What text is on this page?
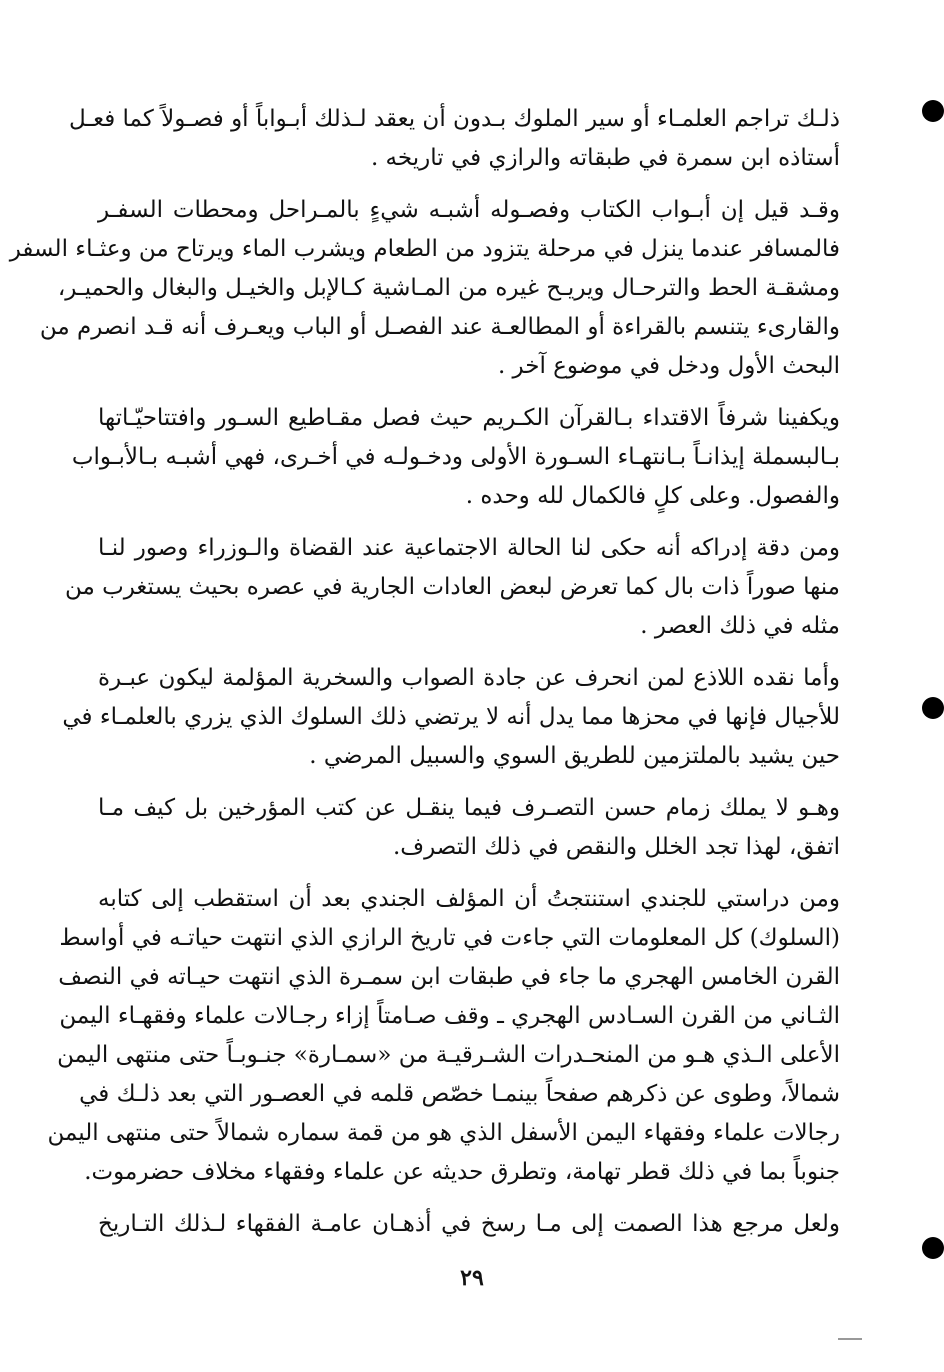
ذلـك تراجم العلمـاء أو سير الملوك بـدون أن يعقد لـذلك أبـواباً أو فصـولاً كما فعـل
أستاذه ابن سمرة في طبقاته والرازي في تاريخه .
وقـد قيل إن أبـواب الكتاب وفصـوله أشبـه شيءٍ بالمـراحل ومحطات السفـر
فالمسافر عندما ينزل في مرحلة يتزود من الطعام ويشرب الماء ويرتاح من وعثـاء السفر
ومشقـة الحط والترحـال ويريـح غيره من المـاشية كـالإبل والخيـل والبغال والحميـر،
والقارىء يتنسم بالقراءة أو المطالعـة عند الفصـل أو الباب ويعـرف أنه قـد انصرم من
البحث الأول ودخل في موضوع آخر .
ويكفينا شرفاً الاقتداء بـالقرآن الكـريم حيث فصل مقـاطيع السـور وافتتاحيّـاتها
بـالبسملة إيذانـاً بـانتهـاء السـورة الأولى ودخـولـه في أخـرى، فهي أشبـه بـالأبـواب
والفصول. وعلى كلٍ فالكمال لله وحده .
ومن دقة إدراكه أنه حكى لنا الحالة الاجتماعية عند القضاة والـوزراء وصور لنـا
منها صوراً ذات بال كما تعرض لبعض العادات الجارية في عصره بحيث يستغرب من
مثله في ذلك العصر .
وأما نقده اللاذع لمن انحرف عن جادة الصواب والسخرية المؤلمة ليكون عبـرة
للأجيال فإنها في محزها مما يدل أنه لا يرتضي ذلك السلوك الذي يزري بالعلمـاء في
حين يشيد بالملتزمين للطريق السوي والسبيل المرضي .
وهـو لا يملك زمام حسن التصـرف فيما ينقـل عن كتب المؤرخين بل كيف مـا
اتفق، لهذا تجد الخلل والنقص في ذلك التصرف.
ومن دراستي للجندي استنتجتُ أن المؤلف الجندي بعد أن استقطب إلى كتابه
(السلوك) كل المعلومات التي جاءت في تاريخ الرازي الذي انتهت حياتـه في أواسط
القرن الخامس الهجري ما جاء في طبقات ابن سمـرة الذي انتهت حيـاته في النصف
الثـاني من القرن السـادس الهجري ـ وقف صـامتاً إزاء رجـالات علماء وفقهـاء اليمن
الأعلى الـذي هـو من المنحـدرات الشـرقيـة من «سمـارة» جنـوبـاً حتى منتهى اليمن
شمالاً، وطوى عن ذكرهم صفحاً بينمـا خصّص قلمه في العصـور التي بعد ذلـك في
رجالات علماء وفقهاء اليمن الأسفل الذي هو من قمة سماره شمالاً حتى منتهى اليمن
جنوباً بما في ذلك قطر تهامة، وتطرق حديثه عن علماء وفقهاء مخلاف حضرموت.
ولعل مرجع هذا الصمت إلى مـا رسخ في أذهـان عامـة الفقهاء لـذلك التـاريخ
٢٩
